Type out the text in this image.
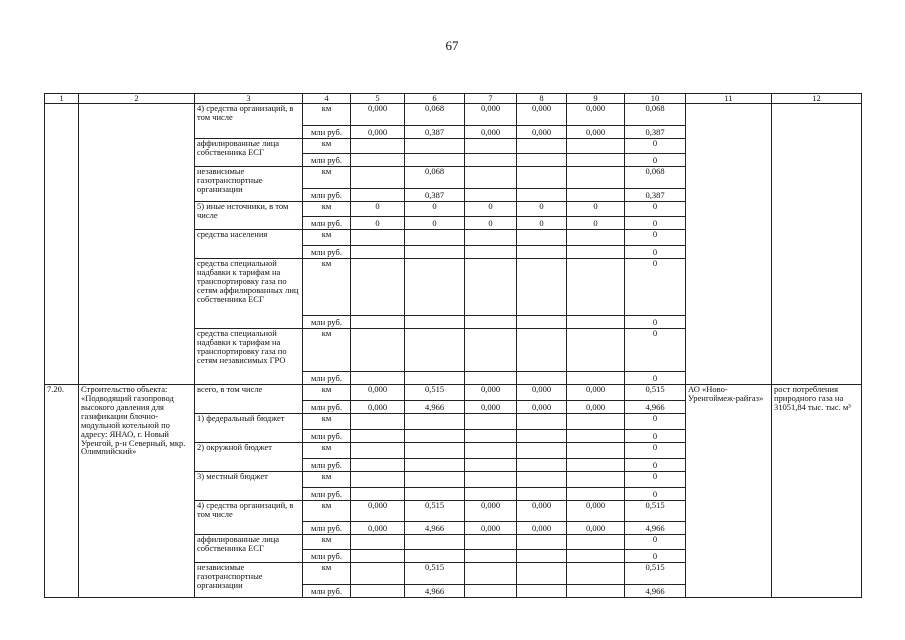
67
1	2	3	4	5	6	7	8	9	10	11	12
		4) средства организаций, в том числе	км	0,000	0,068	0,000	0,000	0,000	0,068		
			млн руб.	0,000	0,387	0,000	0,000	0,000	0,387		
		аффилированные лица собственника ЕСГ	км						0		
			млн руб.						0		
		независимые газотранспортные организации	км		0,068				0,068		
			млн руб.		0,387				0,387		
		5) иные источники, в том числе	км	0	0	0	0	0	0		
			млн руб.	0	0	0	0	0	0		
		средства населения	км						0		
			млн руб.						0		
		средства специальной надбавки к тарифам на транспортировку газа по сетям аффилированных лиц собственника ЕСГ	км						0		
			млн руб.						0		
		средства специальной надбавки к тарифам на транспортировку газа по сетям независимых ГРО	км						0		
			млн руб.						0		
7.20.	Строительство объекта: «Подводящий газопровод высокого давления для газификации блочно-модульной котельной по адресу: ЯНАО, г. Новый Уренгой, р-н Северный, мкр. Олимпийский»	всего, в том числе	км	0,000	0,515	0,000	0,000	0,000	0,515	АО «Ново-Уренгоймеж-райгаз»	рост потребления природного газа на 31051,84 тыс. тыс. м³
			млн руб.	0,000	4,966	0,000	0,000	0,000	4,966		
		1) федеральный бюджет	км						0		
			млн руб.						0		
		2) окружной бюджет	км						0		
			млн руб.						0		
		3) местный бюджет	км						0		
			млн руб.						0		
		4) средства организаций, в том числе	км	0,000	0,515	0,000	0,000	0,000	0,515		
			млн руб.	0,000	4,966	0,000	0,000	0,000	4,966		
		аффилированные лица собственника ЕСГ	км						0		
			млн руб.						0		
		независимые газотранспортные организации	км		0,515				0,515		
			млн руб.		4,966				4,966		
